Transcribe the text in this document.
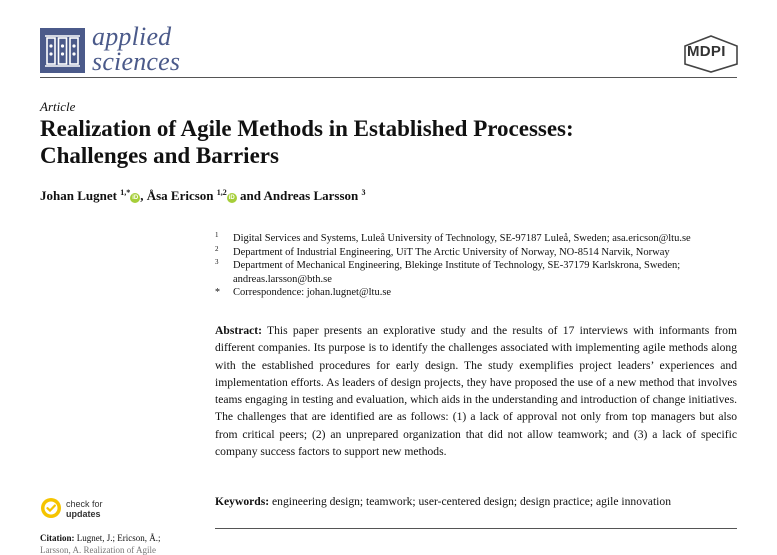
applied
sciences	MDPI
Article
Realization of Agile Methods in Established Processes:
Challenges and Barriers
Johan Lugnet $^{1,*}$iD , Åsa Ericson $^{1,2}$iD and Andreas Larsson $^3$
1 Digital Services and Systems, Luleå University of Technology, SE-97187 Luleå, Sweden; asa.ericson@ltu.se
2 Department of Industrial Engineering, UiT The Arctic University of Norway, NO-8514 Narvik, Norway
3 Department of Mechanical Engineering, Blekinge Institute of Technology, SE-37179 Karlskrona, Sweden;
andreas.larsson@bth.se
* Correspondence: johan.lugnet@ltu.se
Abstract: This paper presents an explorative study and the results of 17 interviews with informants from different companies. Its purpose is to identify the challenges associated with implementing agile methods along with the established procedures for early design. The study exemplifies project leaders’ experiences and implementation efforts. As leaders of design projects, they have proposed the use of a new method that involves teams engaging in testing and evaluation, which aids in the understanding and introduction of change initiatives. The challenges that are identified are as follows: (1) a lack of approval not only from top managers but also from critical peers; (2) an unprepared organization that did not allow teamwork; and (3) a lack of specific company success factors to support new methods.
Keywords: engineering design; teamwork; user-centered design; design practice; agile innovation
check for
updates
Citation: Lugnet, J.; Ericson, Å.;
Larsson, A. Realization of Agile
